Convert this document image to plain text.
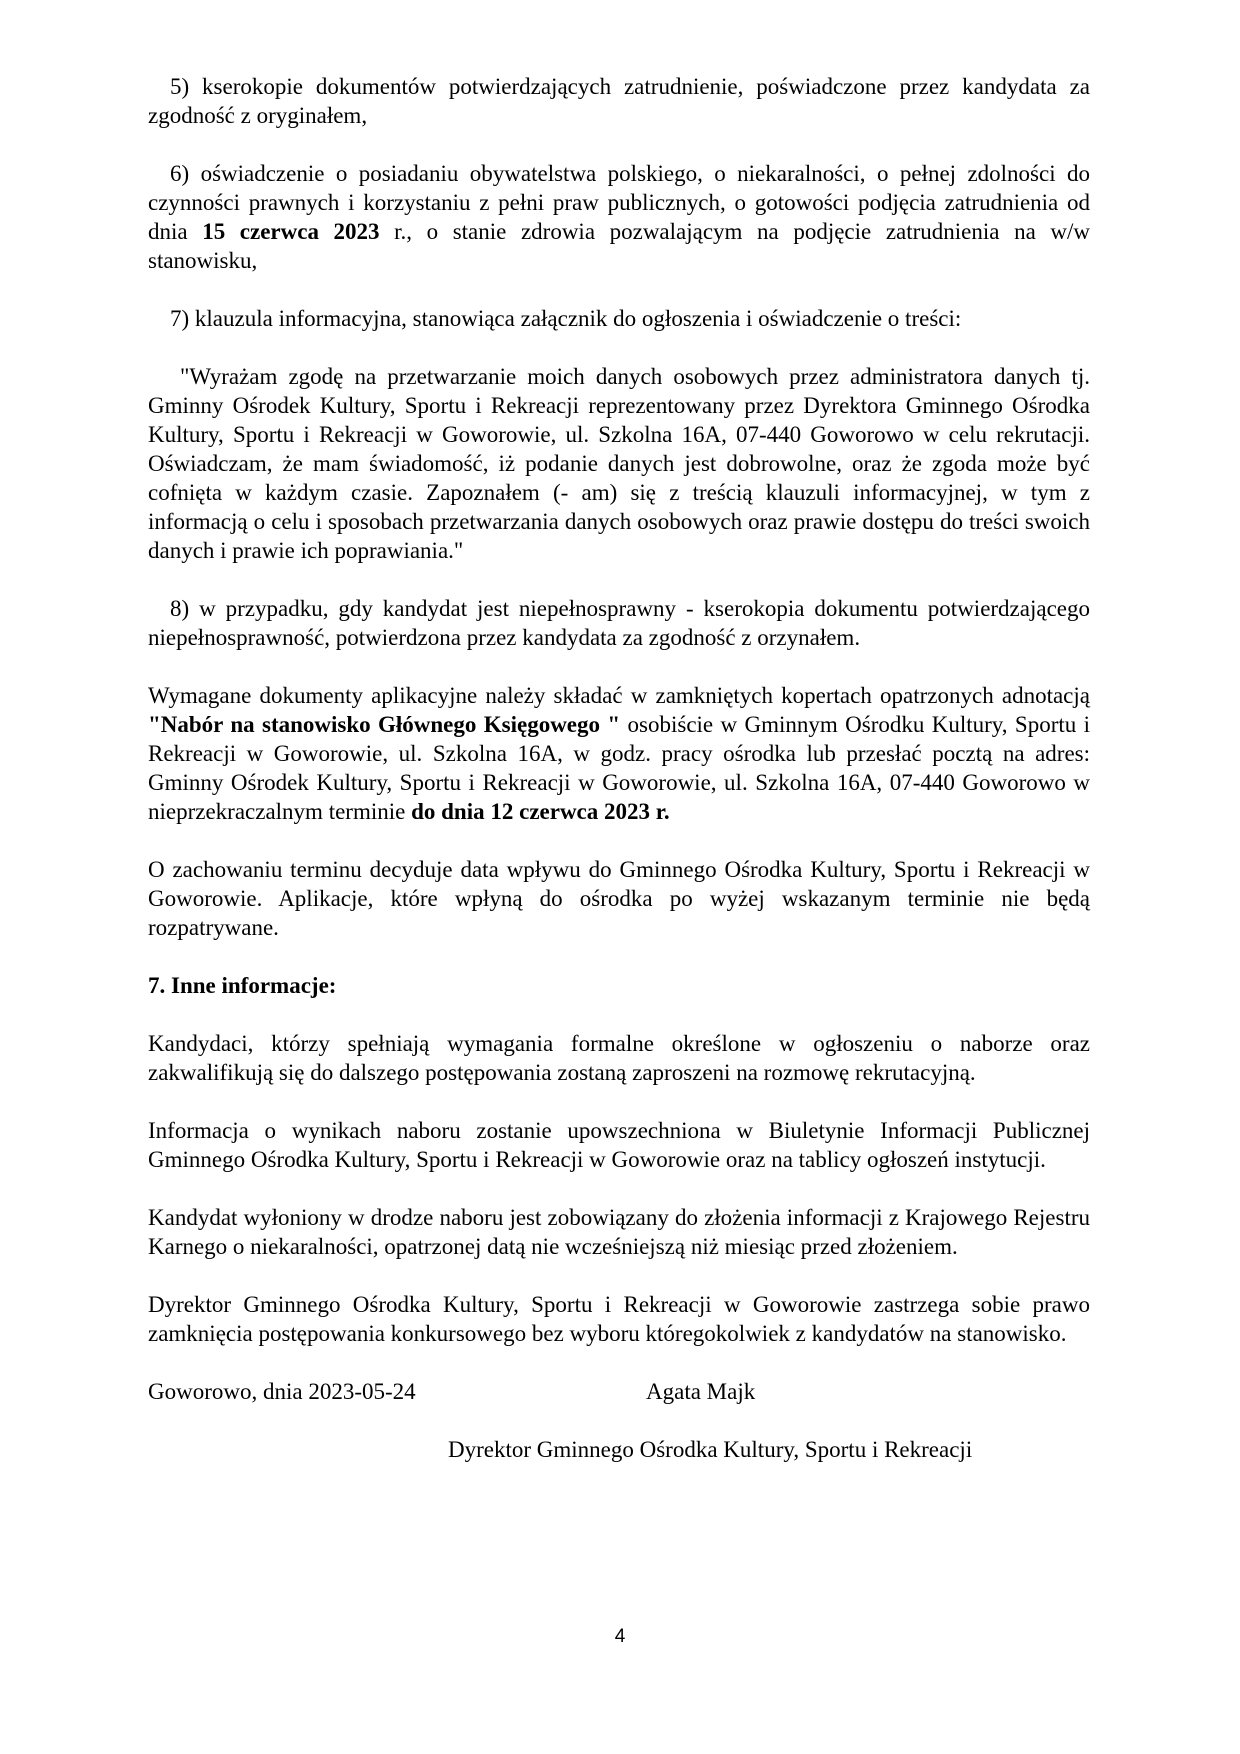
5) kserokopie dokumentów potwierdzających zatrudnienie, poświadczone przez kandydata za zgodność z oryginałem,

6) oświadczenie o posiadaniu obywatelstwa polskiego, o niekaralności, o pełnej zdolności do czynności prawnych i korzystaniu z pełni praw publicznych, o gotowości podjęcia zatrudnienia od dnia 15 czerwca 2023 r., o stanie zdrowia pozwalającym na podjęcie zatrudnienia na w/w stanowisku,

7) klauzula informacyjna, stanowiąca załącznik do ogłoszenia i oświadczenie o treści:

"Wyrażam zgodę na przetwarzanie moich danych osobowych przez administratora danych tj. Gminny Ośrodek Kultury, Sportu i Rekreacji reprezentowany przez Dyrektora Gminnego Ośrodka Kultury, Sportu i Rekreacji w Goworowie, ul. Szkolna 16A, 07-440 Goworowo w celu rekrutacji. Oświadczam, że mam świadomość, iż podanie danych jest dobrowolne, oraz że zgoda może być cofnięta w każdym czasie. Zapoznałem (- am) się z treścią klauzuli informacyjnej, w tym z informacją o celu i sposobach przetwarzania danych osobowych oraz prawie dostępu do treści swoich danych i prawie ich poprawiania."

8) w przypadku, gdy kandydat jest niepełnosprawny - kserokopia dokumentu potwierdzającego niepełnosprawność, potwierdzona przez kandydata za zgodność z orzynałem.

Wymagane dokumenty aplikacyjne należy składać w zamkniętych kopertach opatrzonych adnotacją "Nabór na stanowisko Głównego Księgowego " osobiście w Gminnym Ośrodku Kultury, Sportu i Rekreacji w Goworowie, ul. Szkolna 16A, w godz. pracy ośrodka lub przesłać pocztą na adres: Gminny Ośrodek Kultury, Sportu i Rekreacji w Goworowie, ul. Szkolna 16A, 07-440 Goworowo w nieprzekraczalnym terminie do dnia 12 czerwca 2023 r.

O zachowaniu terminu decyduje data wpływu do Gminnego Ośrodka Kultury, Sportu i Rekreacji w Goworowie. Aplikacje, które wpłyną do ośrodka po wyżej wskazanym terminie nie będą rozpatrywane.

7. Inne informacje:

Kandydaci, którzy spełniają wymagania formalne określone w ogłoszeniu o naborze oraz zakwalifikują się do dalszego postępowania zostaną zaproszeni na rozmowę rekrutacyjną.

Informacja o wynikach naboru zostanie upowszechniona w Biuletynie Informacji Publicznej Gminnego Ośrodka Kultury, Sportu i Rekreacji w Goworowie oraz na tablicy ogłoszeń instytucji.

Kandydat wyłoniony w drodze naboru jest zobowiązany do złożenia informacji z Krajowego Rejestru Karnego o niekaralności, opatrzonej datą nie wcześniejszą niż miesiąc przed złożeniem.

Dyrektor Gminnego Ośrodka Kultury, Sportu i Rekreacji w Goworowie zastrzega sobie prawo zamknięcia postępowania konkursowego bez wyboru któregokolwiek z kandydatów na stanowisko.

Goworowo, dnia 2023-05-24	Agata Majk

Dyrektor Gminnego Ośrodka Kultury, Sportu i Rekreacji

4
